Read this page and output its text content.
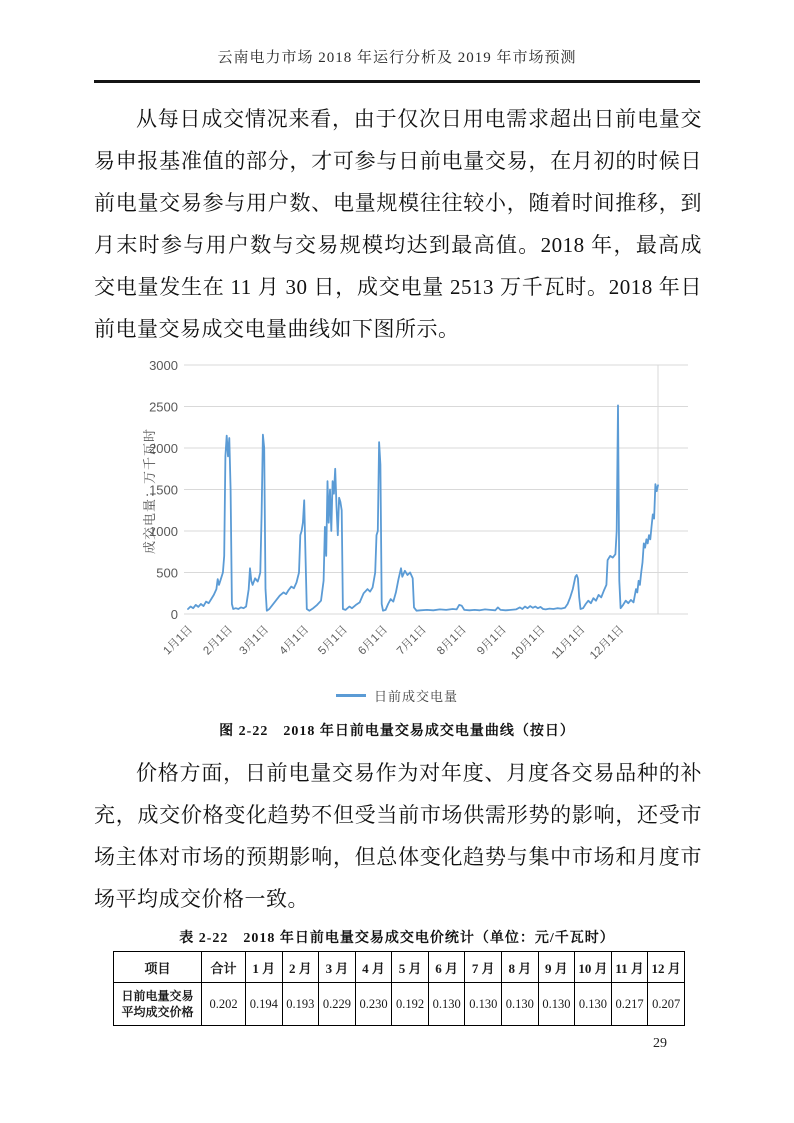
云南电力市场 2018 年运行分析及 2019 年市场预测

从每日成交情况来看，由于仅次日用电需求超出日前电量交易申报基准值的部分，才可参与日前电量交易，在月初的时候日前电量交易参与用户数、电量规模往往较小，随着时间推移，到月末时参与用户数与交易规模均达到最高值。2018 年，最高成交电量发生在 11 月 30 日，成交电量 2513 万千瓦时。2018 年日前电量交易成交电量曲线如下图所示。

0
500
1000
1500
2000
2500
3000
1月1日 2月1日 3月1日 4月1日 5月1日 6月1日 7月1日 8月1日 9月1日 10月1日 11月1日 12月1日
成交电量：万千瓦时
日前成交电量
图 2-22　2018 年日前电量交易成交电量曲线（按日）

价格方面，日前电量交易作为对年度、月度各交易品种的补充，成交价格变化趋势不但受当前市场供需形势的影响，还受市场主体对市场的预期影响，但总体变化趋势与集中市场和月度市场平均成交价格一致。

表 2-22　2018 年日前电量交易成交电价统计（单位：元/千瓦时）
项目	合计	1 月	2 月	3 月	4 月	5 月	6 月	7 月	8 月	9 月	10 月	11 月	12 月
日前电量交易平均成交价格	0.202	0.194	0.193	0.229	0.230	0.192	0.130	0.130	0.130	0.130	0.130	0.217	0.207
29
